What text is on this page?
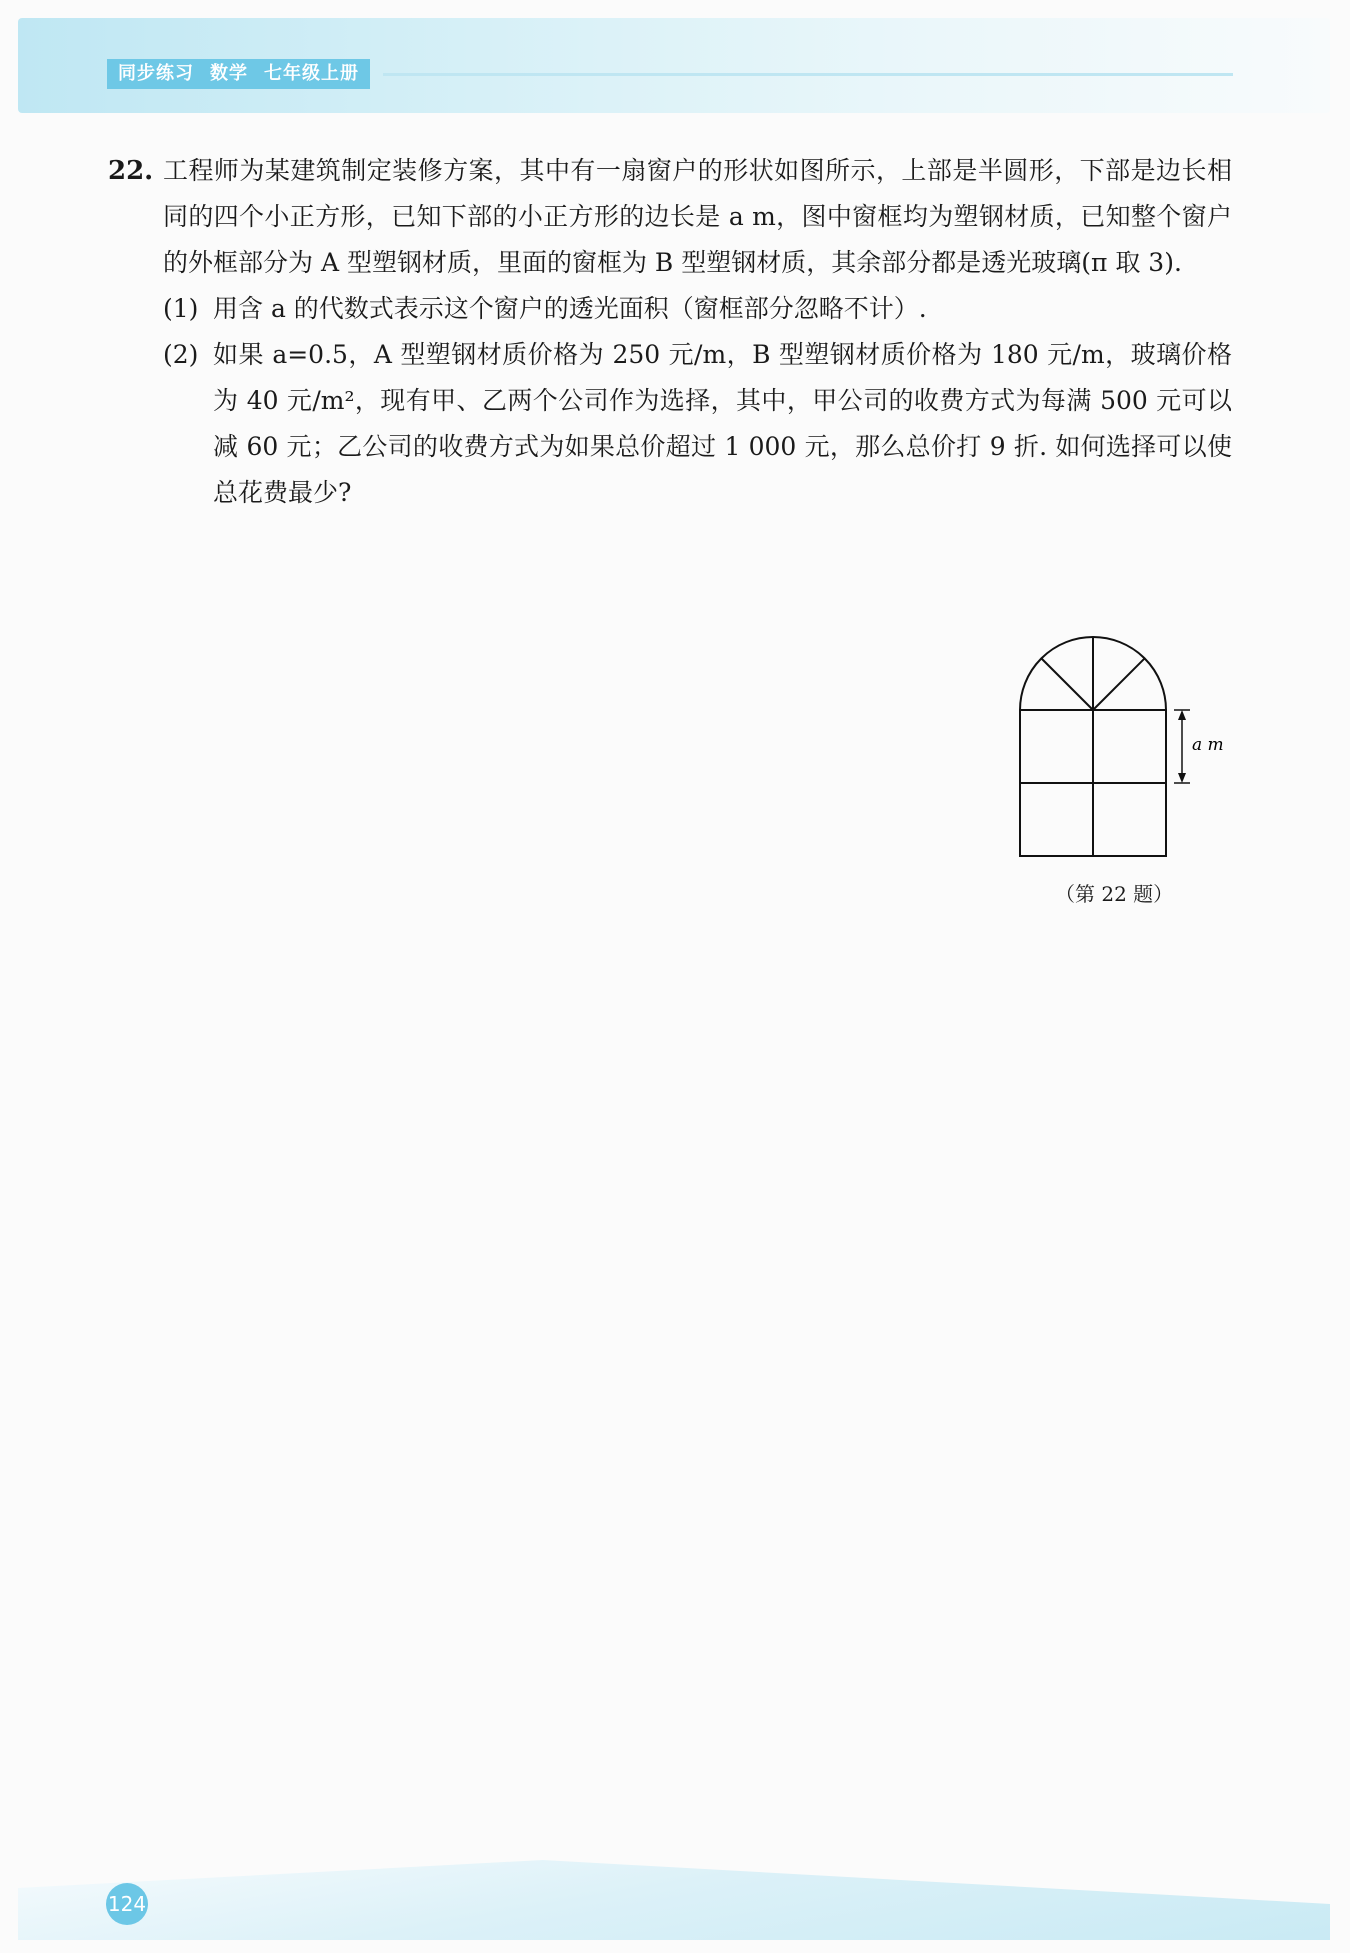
同步练习 数学 七年级上册
22. 工程师为某建筑制定装修方案，其中有一扇窗户的形状如图所示，上部是半圆形，下部是边长相同的四个小正方形，已知下部的小正方形的边长是 a m，图中窗框均为塑钢材质，已知整个窗户的外框部分为 A 型塑钢材质，里面的窗框为 B 型塑钢材质，其余部分都是透光玻璃(π 取 3).
(1) 用含 a 的代数式表示这个窗户的透光面积（窗框部分忽略不计）.
(2) 如果 a=0.5，A 型塑钢材质价格为 250 元/m，B 型塑钢材质价格为 180 元/m，玻璃价格为 40 元/m²，现有甲、乙两个公司作为选择，其中，甲公司的收费方式为每满 500 元可以减 60 元；乙公司的收费方式为如果总价超过 1 000 元，那么总价打 9 折. 如何选择可以使总花费最少?
a m
（第 22 题）
124
